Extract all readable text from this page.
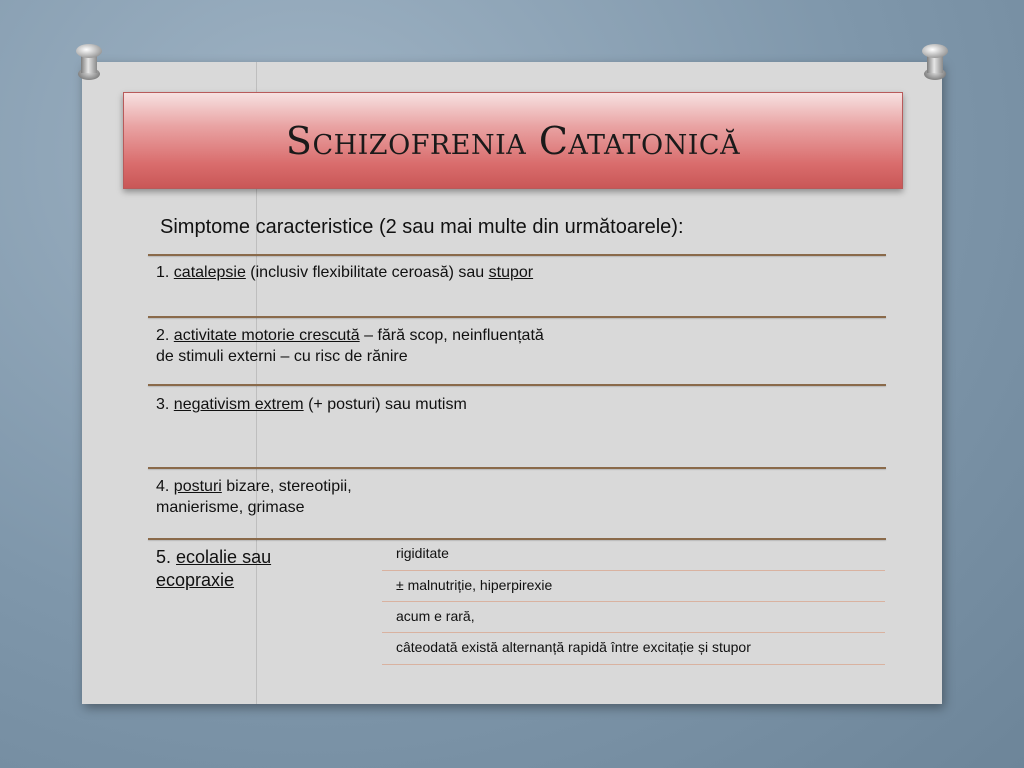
Schizofrenia Catatonică
Simptome caracteristice (2 sau mai multe din următoarele):
1. catalepsie (inclusiv flexibilitate ceroasă) sau stupor
2. activitate motorie crescută – fără scop, neinfluențată
de stimuli externi – cu risc de rănire
3. negativism extrem (+ posturi) sau mutism
4. posturi bizare, stereotipii,
manierisme, grimase
5. ecolalie sau
ecopraxie
rigiditate
± malnutriție, hiperpirexie
acum e rară,
câteodată există alternanță rapidă între excitație și stupor
